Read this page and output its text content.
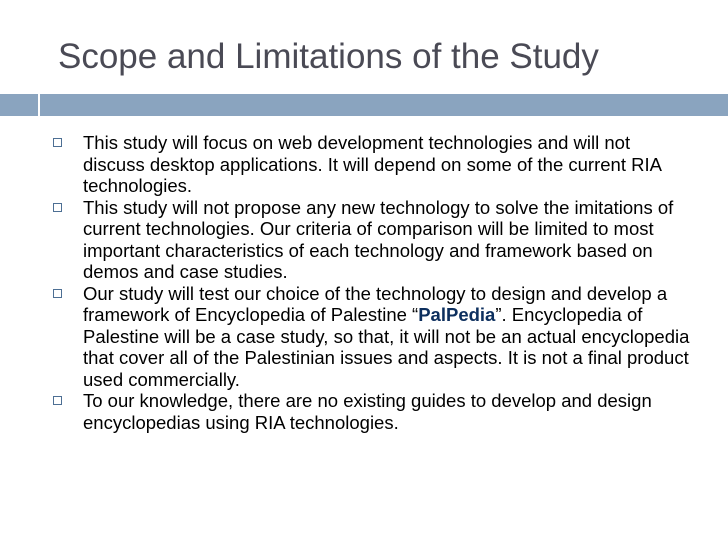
Scope and Limitations of the Study
This study will focus on web development technologies and will not discuss desktop applications. It will depend on some of the current RIA technologies.
This study will not propose any new technology to solve the imitations of current technologies. Our criteria of comparison will be limited to most important characteristics of each technology and framework based on demos and case studies.
Our study will test our choice of the technology to design and develop a framework of Encyclopedia of Palestine “PalPedia”. Encyclopedia of Palestine will be a case study, so that, it will not be an actual encyclopedia that cover all of the Palestinian issues and aspects. It is not a final product used commercially.
To our knowledge, there are no existing guides to develop and design encyclopedias using RIA technologies.
